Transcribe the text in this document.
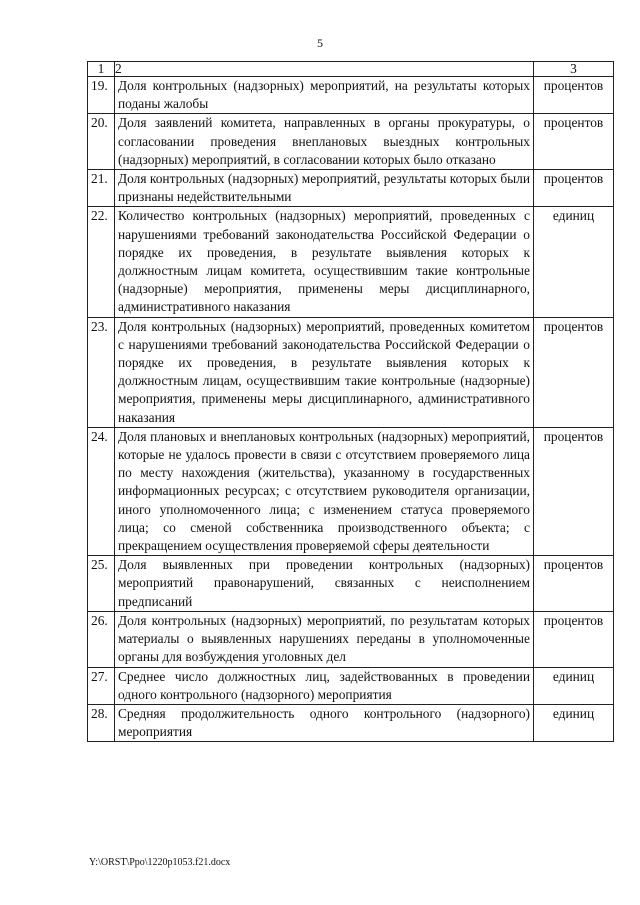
5
1	2	3
19.	Доля контрольных (надзорных) мероприятий, на результаты которых поданы жалобы	процентов
20.	Доля заявлений комитета, направленных в органы прокуратуры, о согласовании проведения внеплановых выездных контрольных (надзорных) мероприятий, в согласовании которых было отказано	процентов
21.	Доля контрольных (надзорных) мероприятий, результаты которых были признаны недействительными	процентов
22.	Количество контрольных (надзорных) мероприятий, проведенных с нарушениями требований законодательства Российской Федерации о порядке их проведения, в результате выявления которых к должностным лицам комитета, осуществившим такие контрольные (надзорные) мероприятия, применены меры дисциплинарного, административного наказания	единиц
23.	Доля контрольных (надзорных) мероприятий, проведенных комитетом с нарушениями требований законодательства Российской Федерации о порядке их проведения, в результате выявления которых к должностным лицам, осуществившим такие контрольные (надзорные) мероприятия, применены меры дисциплинарного, административного наказания	процентов
24.	Доля плановых и внеплановых контрольных (надзорных) мероприятий, которые не удалось провести в связи с отсутствием проверяемого лица по месту нахождения (жительства), указанному в государственных информационных ресурсах; с отсутствием руководителя организации, иного уполномоченного лица; с изменением статуса проверяемого лица; со сменой собственника производственного объекта; с прекращением осуществления проверяемой сферы деятельности	процентов
25.	Доля выявленных при проведении контрольных (надзорных) мероприятий правонарушений, связанных с неисполнением предписаний	процентов
26.	Доля контрольных (надзорных) мероприятий, по результатам которых материалы о выявленных нарушениях переданы в уполномоченные органы для возбуждения уголовных дел	процентов
27.	Среднее число должностных лиц, задействованных в проведении одного контрольного (надзорного) мероприятия	единиц
28.	Средняя продолжительность одного контрольного (надзорного) мероприятия	единиц
Y:\ORST\Ppo\1220p1053.f21.docx
